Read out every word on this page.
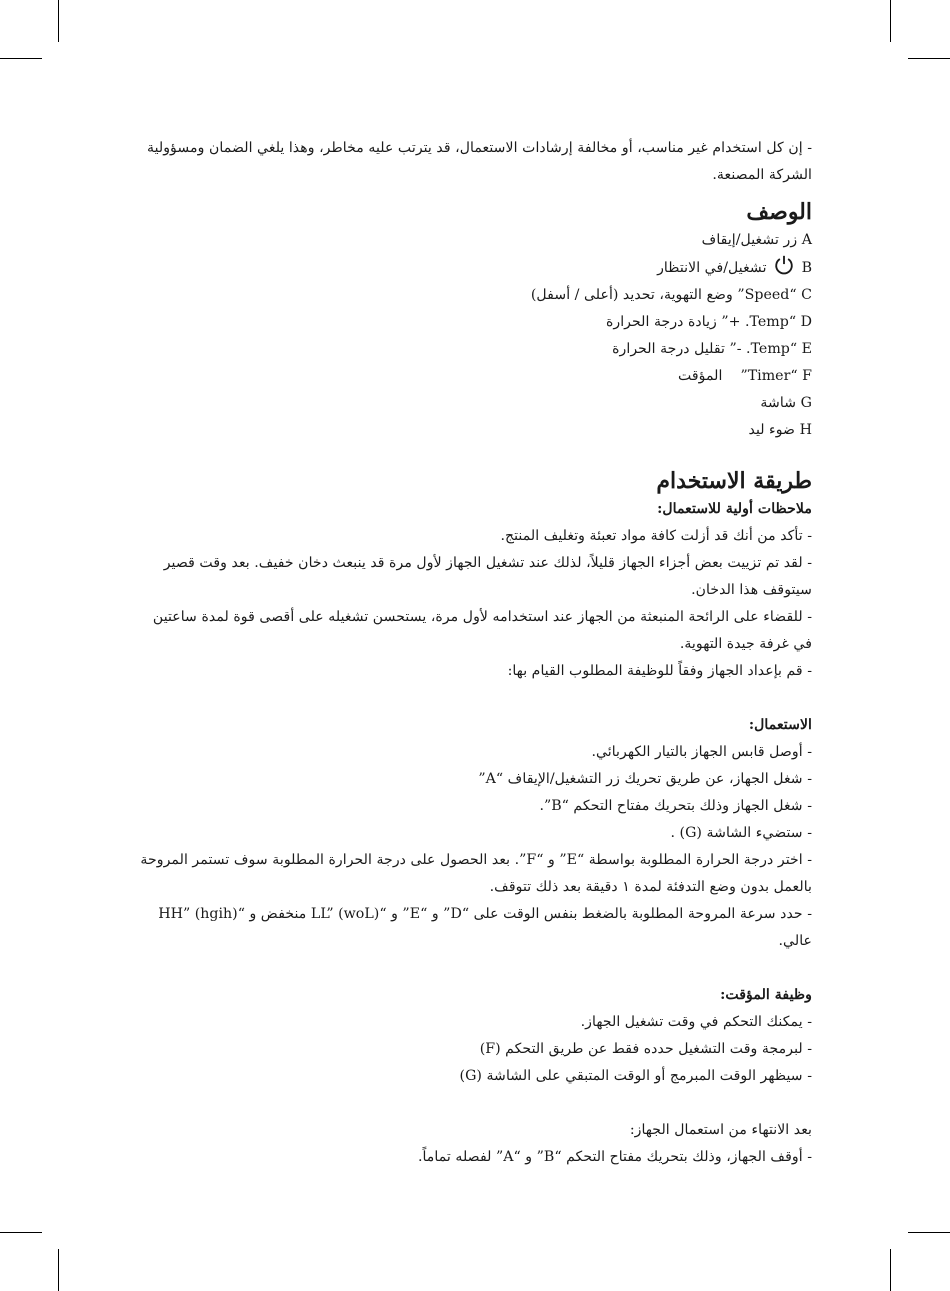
- إن كل استخدام غير مناسب، أو مخالفة إرشادات الاستعمال، قد يترتب عليه مخاطر، وهذا يلغي الضمان ومسؤولية الشركة المصنعة.

الوصف
A زر تشغيل/إيقاف
B  تشغيل/في الانتظار
C “Speed” وضع التهوية، تحديد (أعلى / أسفل)
D “Temp. +” زيادة درجة الحرارة
E “Temp. -” تقليل درجة الحرارة
F “Timer”المؤقت
G شاشة
H ضوء ليد
طريقة الاستخدام

ملاحظات أولية للاستعمال:

- تأكد من أنك قد أزلت كافة مواد تعبئة وتغليف المنتج.

- لقد تم تزييت بعض أجزاء الجهاز قليلاً، لذلك عند تشغيل الجهاز لأول مرة قد ينبعث دخان خفيف. بعد وقت قصير سيتوقف هذا الدخان.

- للقضاء على الرائحة المنبعثة من الجهاز عند استخدامه لأول مرة، يستحسن تشغيله على أقصى قوة لمدة ساعتين في غرفة جيدة التهوية.

- قم بإعداد الجهاز وفقاً للوظيفة المطلوب القيام بها:

الاستعمال:

- أوصل قابس الجهاز بالتيار الكهربائي.

- شغل الجهاز، عن طريق تحريك زر التشغيل/الإيقاف “A”

- شغل الجهاز وذلك بتحريك مفتاح التحكم “B”.

- ستضيء الشاشة (G) .

- اختر درجة الحرارة المطلوبة بواسطة “E” و “F”. بعد الحصول على درجة الحرارة المطلوبة سوف تستمر المروحة بالعمل بدون وضع التدفئة لمدة ١ دقيقة بعد ذلك تتوقف.

- حدد سرعة المروحة المطلوبة بالضغط بنفس الوقت على “D” و “E” و “LL” (woL) منخفض و “HH” (hgih) عالي.

وظيفة المؤقت:

- يمكنك التحكم في وقت تشغيل الجهاز.

- لبرمجة وقت التشغيل حدده فقط عن طريق التحكم (F)

- سيظهر الوقت المبرمج أو الوقت المتبقي على الشاشة (G)

بعد الانتهاء من استعمال الجهاز:

- أوقف الجهاز، وذلك بتحريك مفتاح التحكم “B” و “A” لفصله تماماً.
